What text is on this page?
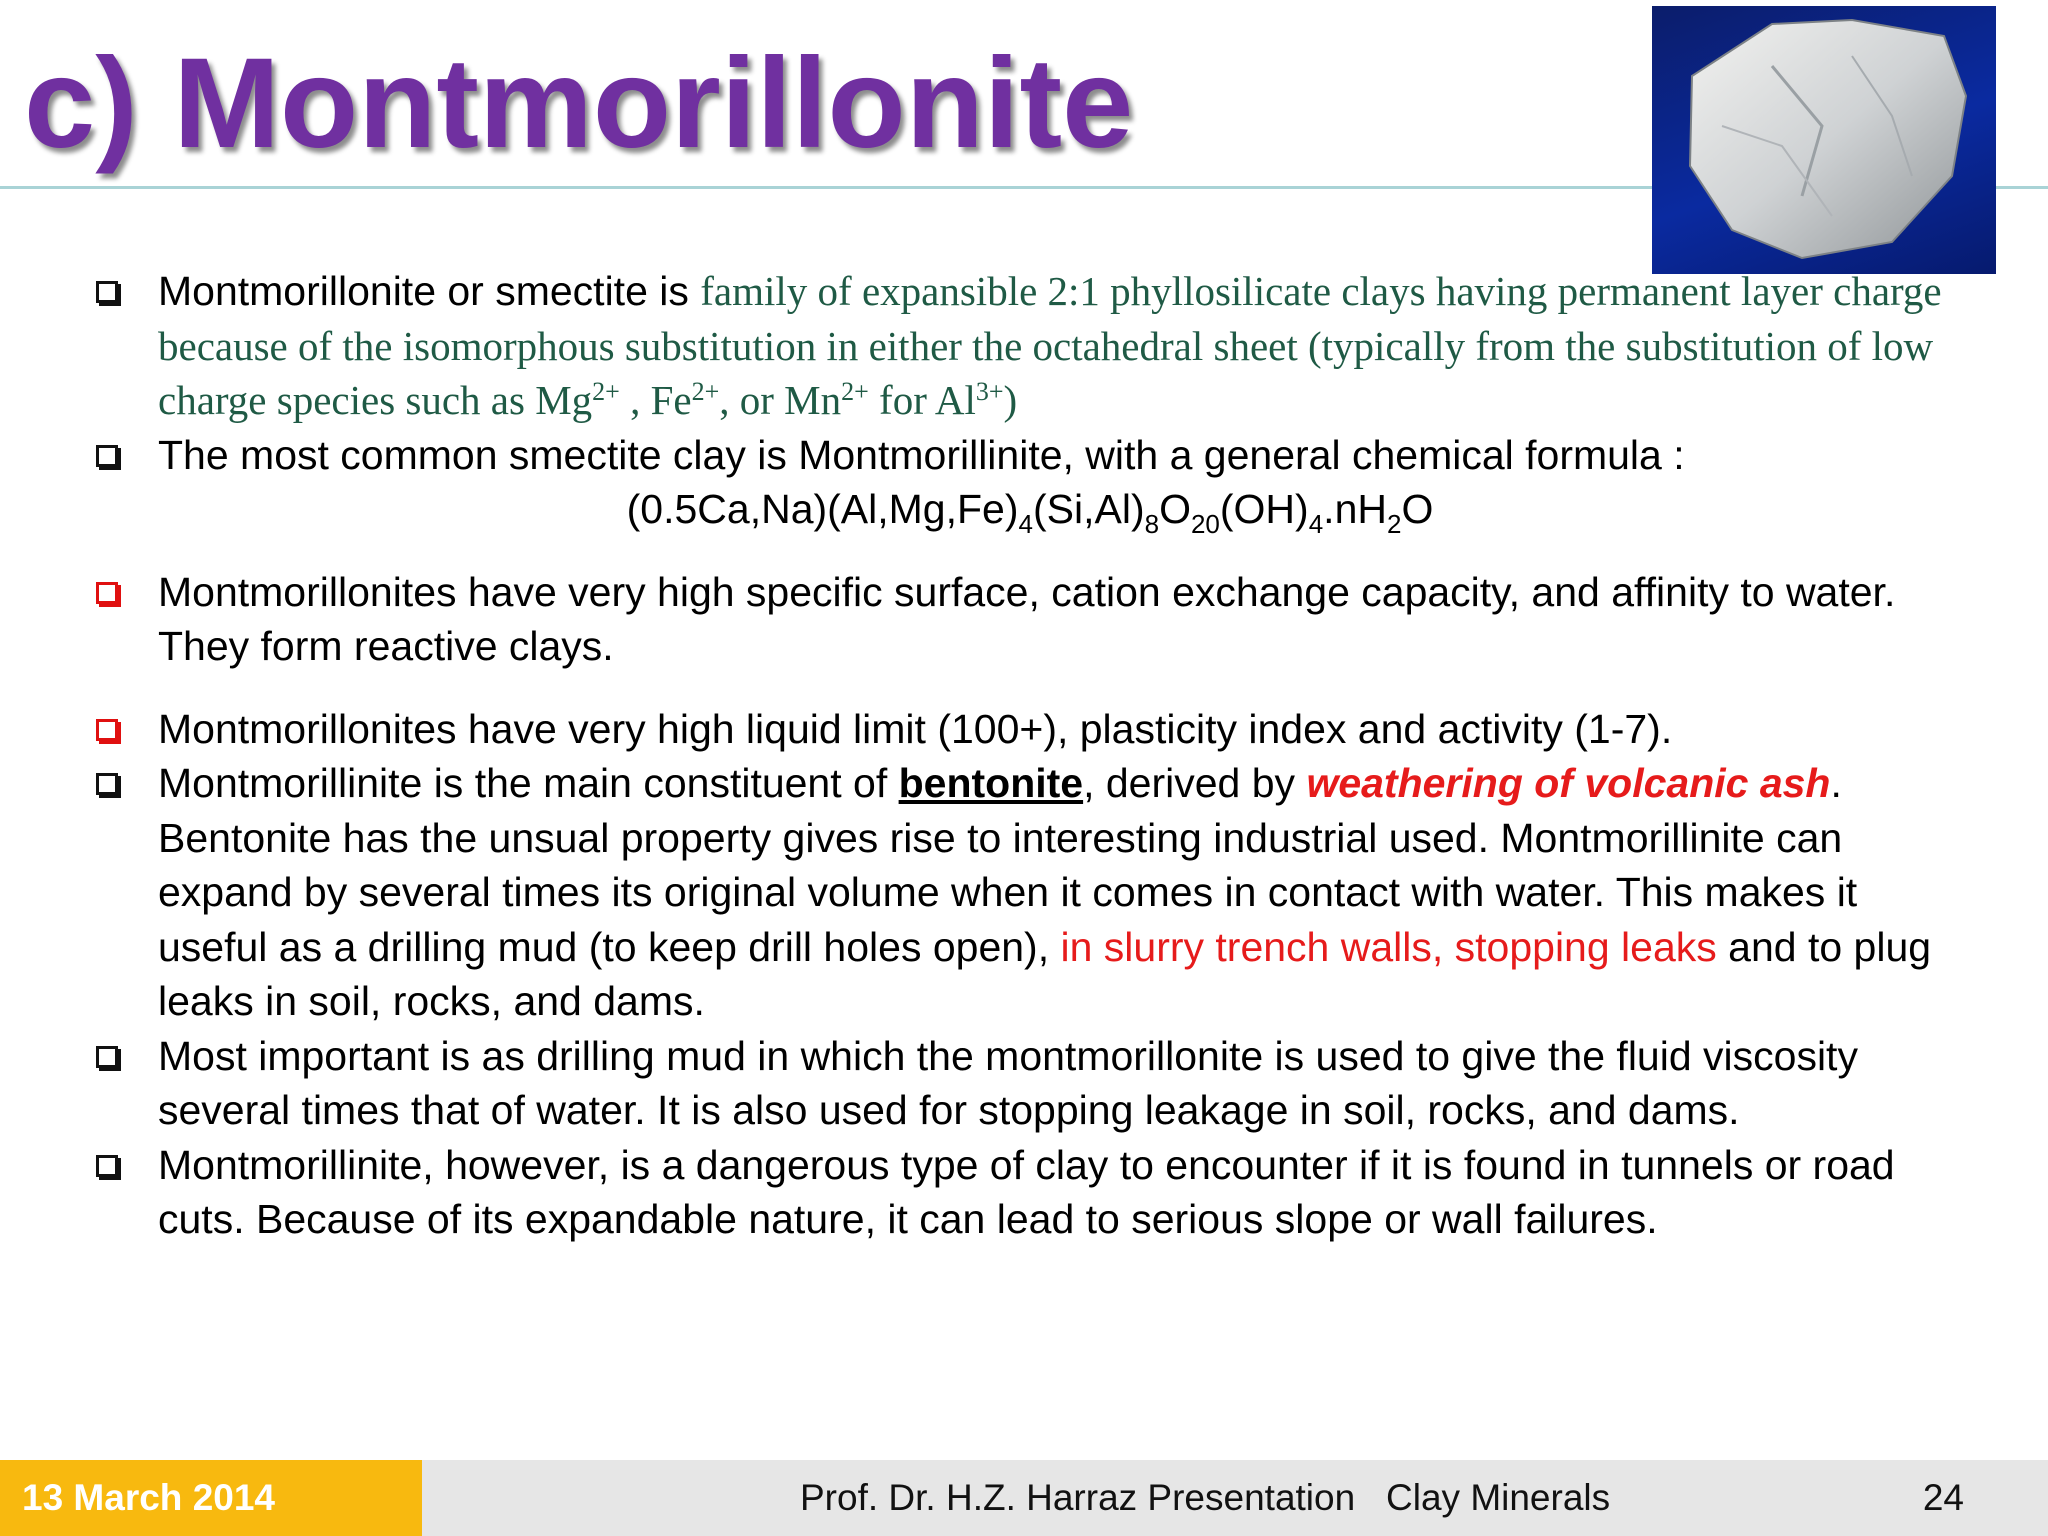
c) Montmorillonite
Montmorillonite or smectite is family of expansible 2:1 phyllosilicate clays having permanent layer charge because of the isomorphous substitution in either the octahedral sheet (typically from the substitution of low charge species such as $Mg^{2+}$ , $Fe^{2+}$, or $Mn^{2+}$ for $Al^{3+}$)
The most common smectite clay is Montmorillinite, with a general chemical formula :
$(0.5Ca,Na)(Al,Mg,Fe)_4(Si,Al)_8O_{20}(OH)_4.nH_2O$
Montmorillonites have very high specific surface, cation exchange capacity, and affinity to water. They form reactive clays.
Montmorillonites have very high liquid limit (100+), plasticity index and activity (1-7).
Montmorillinite is the main constituent of bentonite, derived by weathering of volcanic ash. Bentonite has the unsual property gives rise to interesting industrial used. Montmorillinite can expand by several times its original volume when it comes in contact with water. This makes it useful as a drilling mud (to keep drill holes open), in slurry trench walls, stopping leaks and to plug leaks in soil, rocks, and dams.
Most important is as drilling mud in which the montmorillonite is used to give the fluid viscosity several times that of water. It is also used for stopping leakage in soil, rocks, and dams.
Montmorillinite, however, is a dangerous type of clay to encounter if it is found in tunnels or road cuts. Because of its expandable nature, it can lead to serious slope or wall failures.
13 March 2014	Prof. Dr. H.Z. Harraz Presentation   Clay Minerals	24
